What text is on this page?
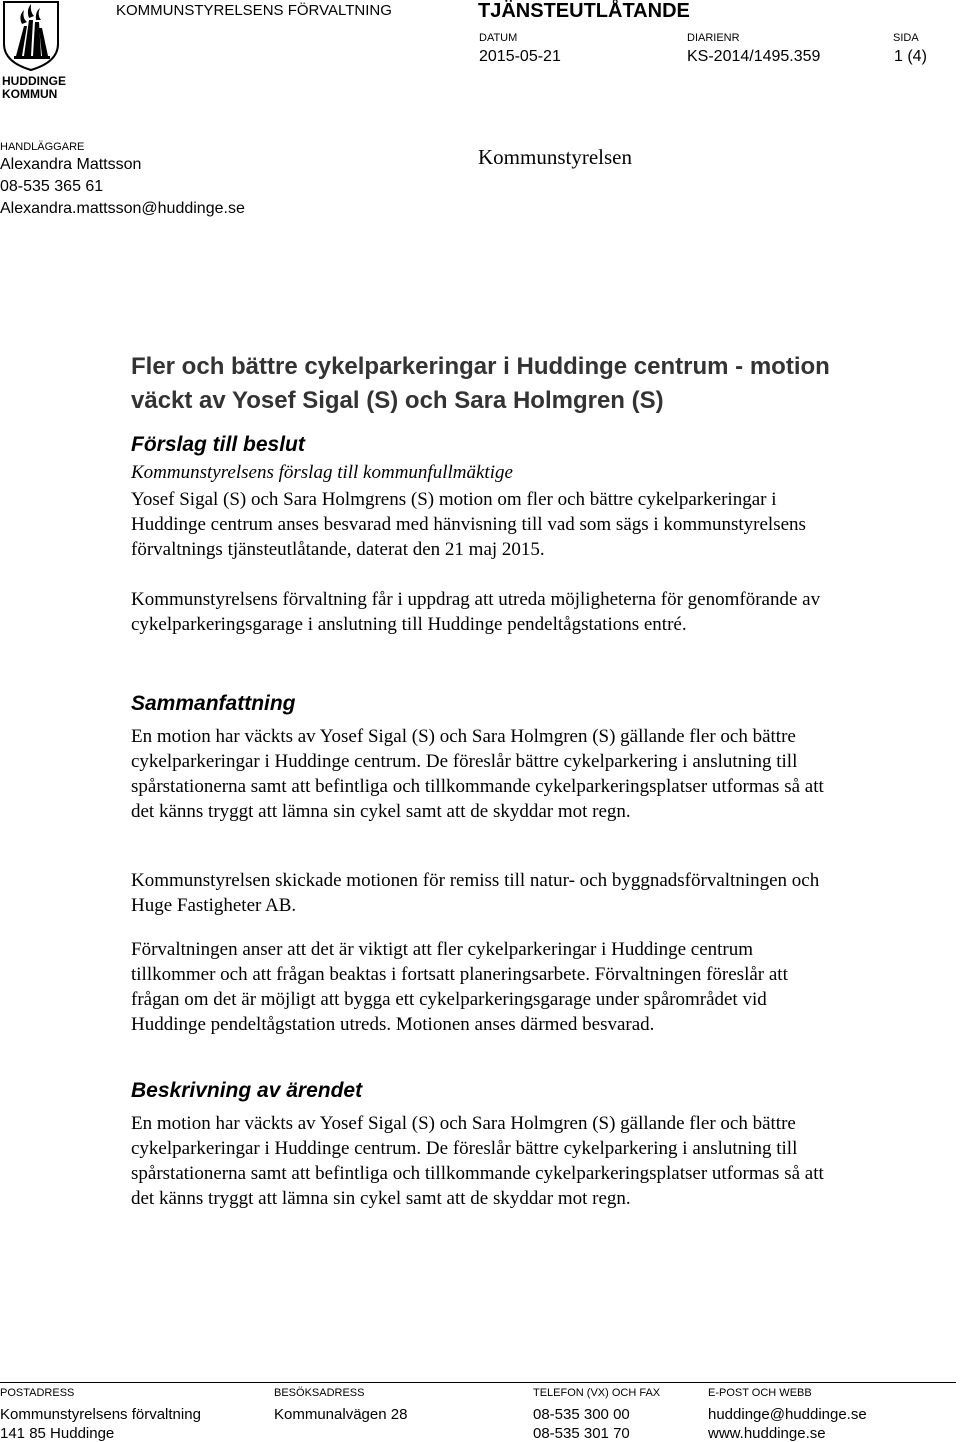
HUDDINGE
KOMMUN
KOMMUNSTYRELSENS FÖRVALTNING	TJÄNSTEUTLÅTANDE
DATUM
2015-05-21
DIARIENR
KS-2014/1495.359
SIDA
1 (4)
HANDLÄGGARE
Alexandra Mattsson
08-535 365 61
Alexandra.mattsson@huddinge.se
Kommunstyrelsen
Fler och bättre cykelparkeringar i Huddinge centrum - motion väckt av Yosef Sigal (S) och Sara Holmgren (S)
Förslag till beslut

Kommunstyrelsens förslag till kommunfullmäktige

Yosef Sigal (S) och Sara Holmgrens (S) motion om fler och bättre cykelparkeringar i Huddinge centrum anses besvarad med hänvisning till vad som sägs i kommunstyrelsens förvaltnings tjänsteutlåtande, daterat den 21 maj 2015.

Kommunstyrelsens förvaltning får i uppdrag att utreda möjligheterna för genomförande av cykelparkeringsgarage i anslutning till Huddinge pendeltågstations entré.

Sammanfattning

En motion har väckts av Yosef Sigal (S) och Sara Holmgren (S) gällande fler och bättre cykelparkeringar i Huddinge centrum. De föreslår bättre cykelparkering i anslutning till spårstationerna samt att befintliga och tillkommande cykelparkeringsplatser utformas så att det känns tryggt att lämna sin cykel samt att de skyddar mot regn.

Kommunstyrelsen skickade motionen för remiss till natur- och byggnadsförvaltningen och Huge Fastigheter AB.

Förvaltningen anser att det är viktigt att fler cykelparkeringar i Huddinge centrum tillkommer och att frågan beaktas i fortsatt planeringsarbete. Förvaltningen föreslår att frågan om det är möjligt att bygga ett cykelparkeringsgarage under spårområdet vid Huddinge pendeltågstation utreds. Motionen anses därmed besvarad.

Beskrivning av ärendet

En motion har väckts av Yosef Sigal (S) och Sara Holmgren (S) gällande fler och bättre cykelparkeringar i Huddinge centrum. De föreslår bättre cykelparkering i anslutning till spårstationerna samt att befintliga och tillkommande cykelparkeringsplatser utformas så att det känns tryggt att lämna sin cykel samt att de skyddar mot regn.

POSTADRESS
Kommunstyrelsens förvaltning
141 85 Huddinge
BESÖKSADRESS
Kommunalvägen 28
TELEFON (VX) OCH FAX
08-535 300 00
08-535 301 70
E-POST OCH WEBB
huddinge@huddinge.se
www.huddinge.se
